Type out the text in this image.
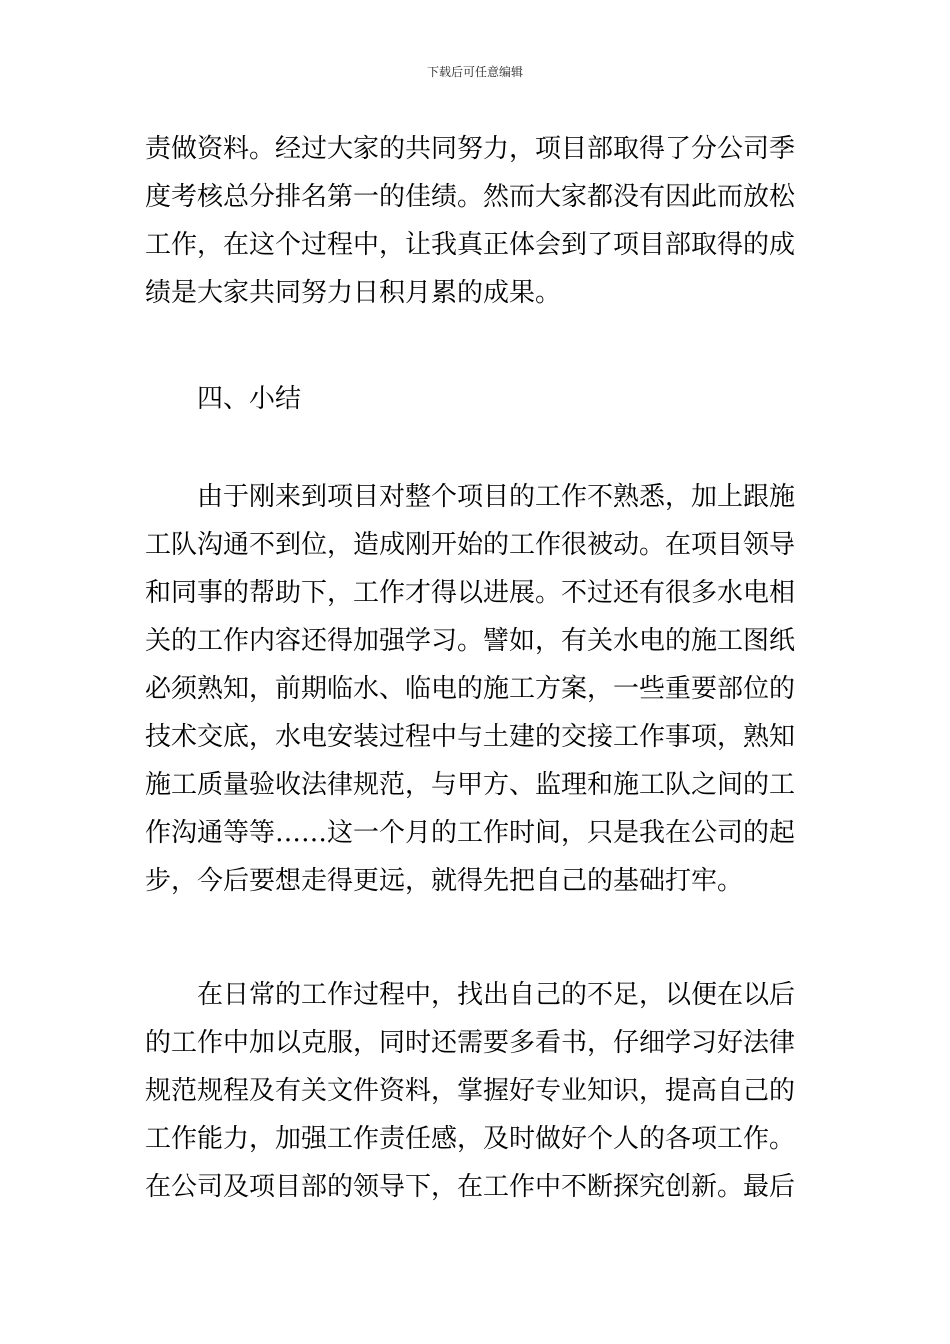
下载后可任意编辑
责做资料。经过大家的共同努力，项目部取得了分公司季
度考核总分排名第一的佳绩。然而大家都没有因此而放松
工作，在这个过程中，让我真正体会到了项目部取得的成
绩是大家共同努力日积月累的成果。
四、小结
由于刚来到项目对整个项目的工作不熟悉，加上跟施
工队沟通不到位，造成刚开始的工作很被动。在项目领导
和同事的帮助下，工作才得以进展。不过还有很多水电相
关的工作内容还得加强学习。譬如，有关水电的施工图纸
必须熟知，前期临水、临电的施工方案，一些重要部位的
技术交底，水电安装过程中与土建的交接工作事项，熟知
施工质量验收法律规范，与甲方、监理和施工队之间的工
作沟通等等……这一个月的工作时间，只是我在公司的起
步，今后要想走得更远，就得先把自己的基础打牢。
在日常的工作过程中，找出自己的不足，以便在以后
的工作中加以克服，同时还需要多看书，仔细学习好法律
规范规程及有关文件资料，掌握好专业知识，提高自己的
工作能力，加强工作责任感，及时做好个人的各项工作。
在公司及项目部的领导下，在工作中不断探究创新。最后
